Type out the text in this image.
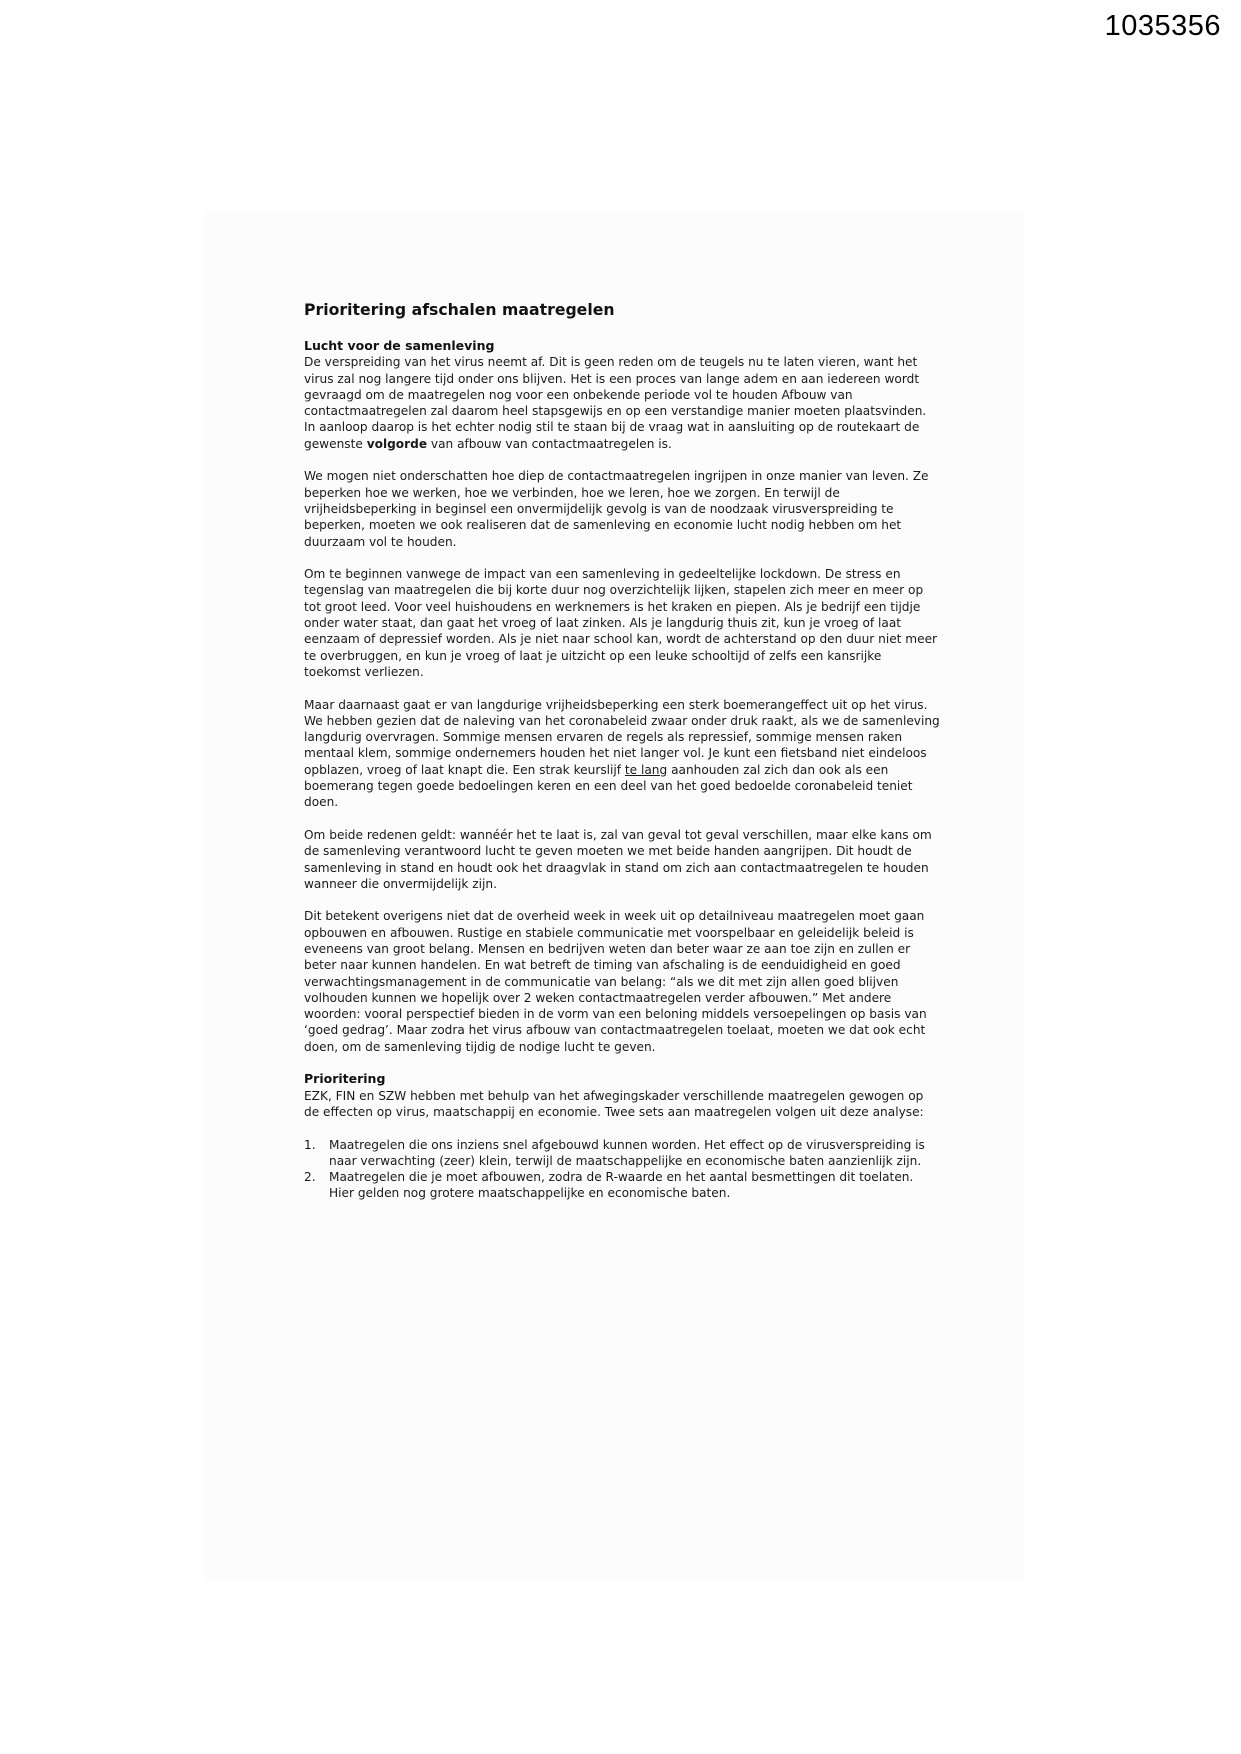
1035356
Prioritering afschalen maatregelen
Lucht voor de samenleving

De verspreiding van het virus neemt af. Dit is geen reden om de teugels nu te laten vieren, want het virus zal nog langere tijd onder ons blijven. Het is een proces van lange adem en aan iedereen wordt gevraagd om de maatregelen nog voor een onbekende periode vol te houden Afbouw van contactmaatregelen zal daarom heel stapsgewijs en op een verstandige manier moeten plaatsvinden. In aanloop daarop is het echter nodig stil te staan bij de vraag wat in aansluiting op de routekaart de gewenste volgorde van afbouw van contactmaatregelen is.

We mogen niet onderschatten hoe diep de contactmaatregelen ingrijpen in onze manier van leven. Ze beperken hoe we werken, hoe we verbinden, hoe we leren, hoe we zorgen. En terwijl de vrijheidsbeperking in beginsel een onvermijdelijk gevolg is van de noodzaak virusverspreiding te beperken, moeten we ook realiseren dat de samenleving en economie lucht nodig hebben om het duurzaam vol te houden.

Om te beginnen vanwege de impact van een samenleving in gedeeltelijke lockdown. De stress en tegenslag van maatregelen die bij korte duur nog overzichtelijk lijken, stapelen zich meer en meer op tot groot leed. Voor veel huishoudens en werknemers is het kraken en piepen. Als je bedrijf een tijdje onder water staat, dan gaat het vroeg of laat zinken. Als je langdurig thuis zit, kun je vroeg of laat eenzaam of depressief worden. Als je niet naar school kan, wordt de achterstand op den duur niet meer te overbruggen, en kun je vroeg of laat je uitzicht op een leuke schooltijd of zelfs een kansrijke toekomst verliezen.

Maar daarnaast gaat er van langdurige vrijheidsbeperking een sterk boemerangeffect uit op het virus. We hebben gezien dat de naleving van het coronabeleid zwaar onder druk raakt, als we de samenleving langdurig overvragen. Sommige mensen ervaren de regels als repressief, sommige mensen raken mentaal klem, sommige ondernemers houden het niet langer vol. Je kunt een fietsband niet eindeloos opblazen, vroeg of laat knapt die. Een strak keurslijf te lang aanhouden zal zich dan ook als een boemerang tegen goede bedoelingen keren en een deel van het goed bedoelde coronabeleid teniet doen.

Om beide redenen geldt: wannéér het te laat is, zal van geval tot geval verschillen, maar elke kans om de samenleving verantwoord lucht te geven moeten we met beide handen aangrijpen. Dit houdt de samenleving in stand en houdt ook het draagvlak in stand om zich aan contactmaatregelen te houden wanneer die onvermijdelijk zijn.

Dit betekent overigens niet dat de overheid week in week uit op detailniveau maatregelen moet gaan opbouwen en afbouwen. Rustige en stabiele communicatie met voorspelbaar en geleidelijk beleid is eveneens van groot belang. Mensen en bedrijven weten dan beter waar ze aan toe zijn en zullen er beter naar kunnen handelen. En wat betreft de timing van afschaling is de eenduidigheid en goed verwachtingsmanagement in de communicatie van belang: “als we dit met zijn allen goed blijven volhouden kunnen we hopelijk over 2 weken contactmaatregelen verder afbouwen.” Met andere woorden: vooral perspectief bieden in de vorm van een beloning middels versoepelingen op basis van ‘goed gedrag’. Maar zodra het virus afbouw van contactmaatregelen toelaat, moeten we dat ook echt doen, om de samenleving tijdig de nodige lucht te geven.

Prioritering
EZK, FIN en SZW hebben met behulp van het afwegingskader verschillende maatregelen gewogen op de effecten op virus, maatschappij en economie. Twee sets aan maatregelen volgen uit deze analyse:
1. Maatregelen die ons inziens snel afgebouwd kunnen worden. Het effect op de virusverspreiding is naar verwachting (zeer) klein, terwijl de maatschappelijke en economische baten aanzienlijk zijn.
2. Maatregelen die je moet afbouwen, zodra de R-waarde en het aantal besmettingen dit toelaten. Hier gelden nog grotere maatschappelijke en economische baten.
